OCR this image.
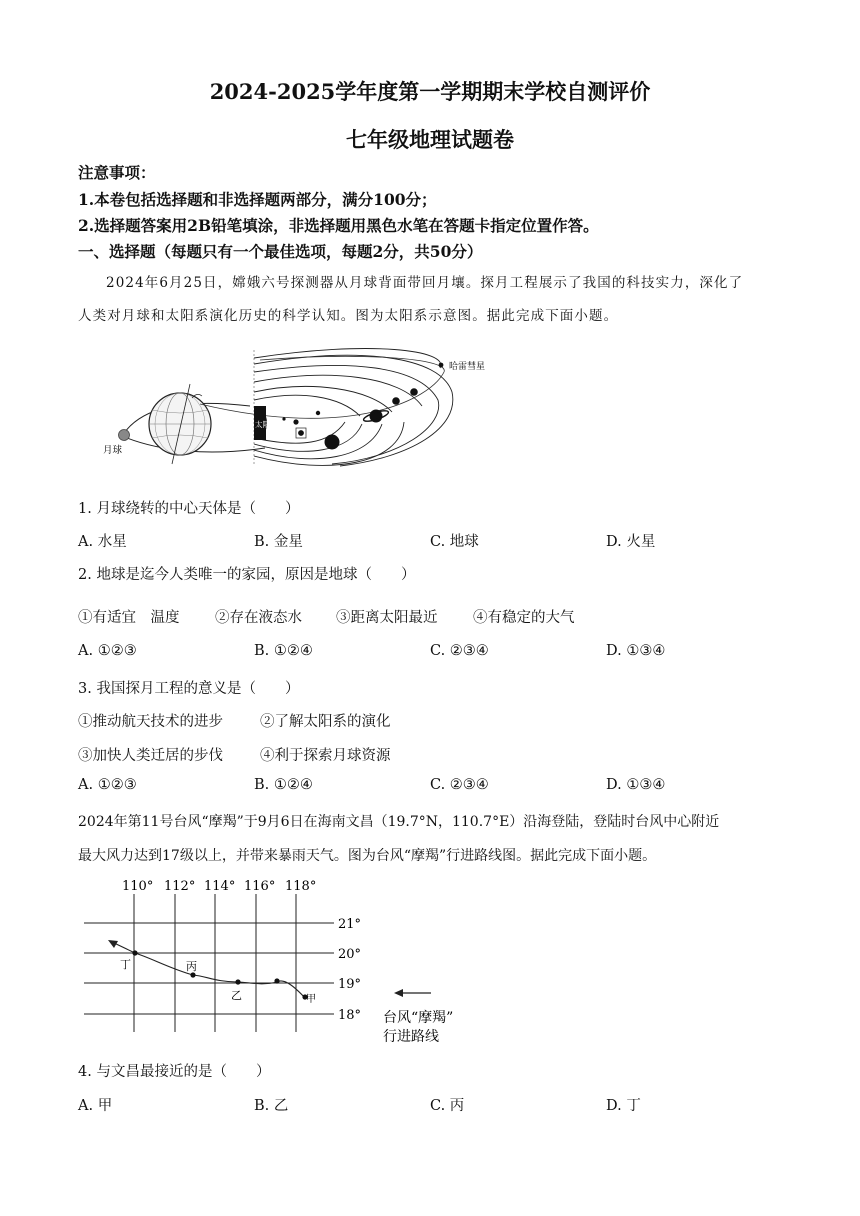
2024-2025学年度第一学期期末学校自测评价
七年级地理试题卷
注意事项：
1.本卷包括选择题和非选择题两部分，满分100分；
2.选择题答案用2B铅笔填涂，非选择题用黑色水笔在答题卡指定位置作答。
一、选择题（每题只有一个最佳选项，每题2分，共50分）
2024年6月25日，嫦娥六号探测器从月球背面带回月壤。探月工程展示了我国的科技实力，深化了
人类对月球和太阳系演化历史的科学认知。图为太阳系示意图。据此完成下面小题。
月球
太阳
哈雷彗星
1. 月球绕转的中心天体是（　　）
A. 水星	B. 金星	C. 地球	D. 火星
2. 地球是迄今人类唯一的家园，原因是地球（　　）
①有适宜　温度 ②存在液态水 ③距离太阳最近 ④有稳定的大气
A. ①②③	B. ①②④	C. ②③④	D. ①③④
3. 我国探月工程的意义是（　　）
①推动航天技术的进步	②了解太阳系的演化
③加快人类迁居的步伐	④利于探索月球资源
A. ①②③	B. ①②④	C. ②③④	D. ①③④
2024年第11号台风“摩羯”于9月6日在海南文昌（19.7°N，110.7°E）沿海登陆，登陆时台风中心附近
最大风力达到17级以上，并带来暴雨天气。图为台风“摩羯”行进路线图。据此完成下面小题。
110° 112° 114° 116° 118°
21°
20°
19°
18°
丁	丙
乙	甲
台风“摩羯”
行进路线
4. 与文昌最接近的是（　　）
A. 甲	B. 乙	C. 丙	D. 丁
